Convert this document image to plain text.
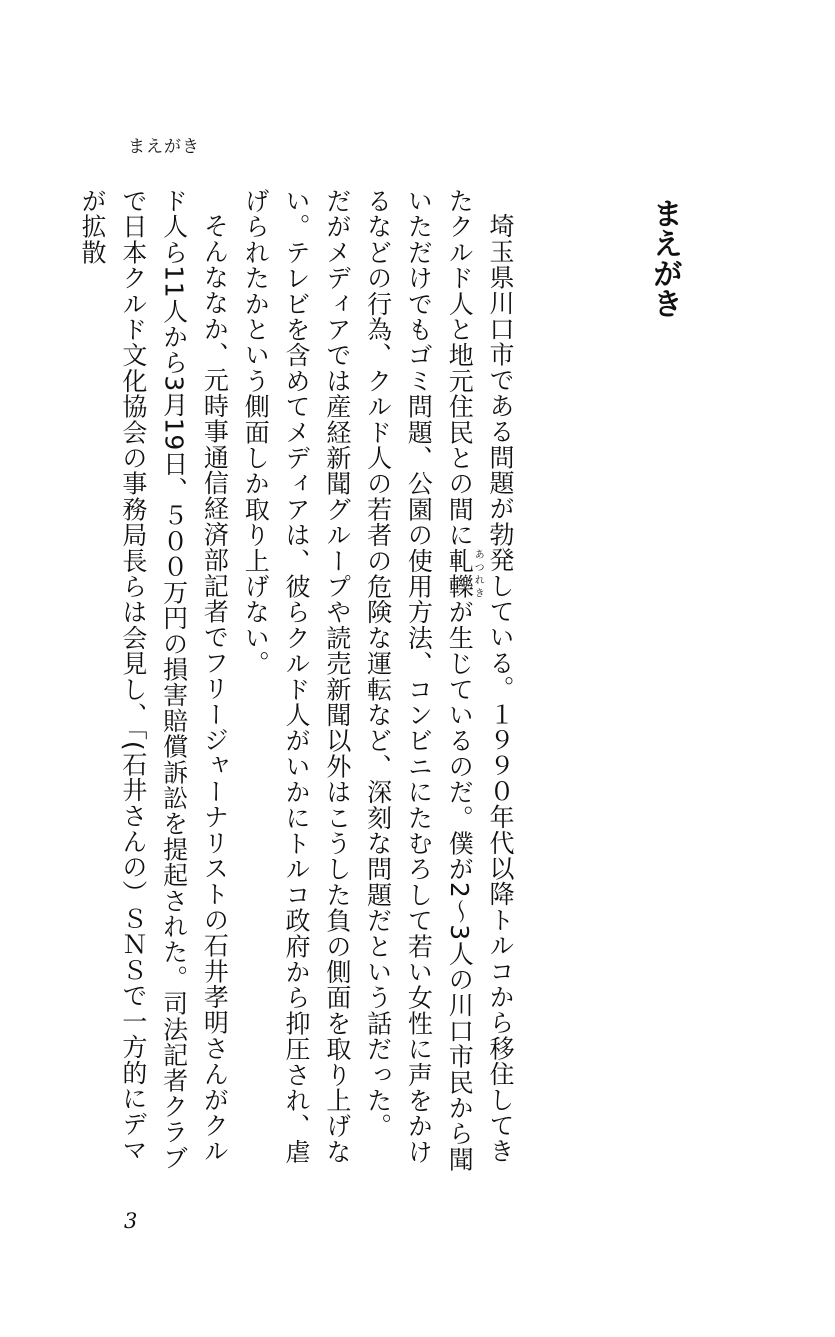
まえがき
まえがき

埼玉県川口市である問題が勃発している。１９９０年代以降トルコから移住してきたクルド人と地元住民との間に軋轢あつれきが生じているのだ。僕が2〜3人の川口市民から聞いただけでもゴミ問題、公園の使用方法、コンビニにたむろして若い女性に声をかけるなどの行為、クルド人の若者の危険な運転など、深刻な問題だという話だった。

だがメディアでは産経新聞グループや読売新聞以外はこうした負の側面を取り上げない。テレビを含めてメディアは、彼らクルド人がいかにトルコ政府から抑圧され、虐げられたかという側面しか取り上げない。

そんななか、元時事通信経済部記者でフリージャーナリストの石井孝明さんがクルド人ら11人から3月19日、５００万円の損害賠償訴訟を提起された。司法記者クラブで日本クルド文化協会の事務局長らは会見し、「(石井さんの）ＳＮＳで一方的にデマが拡散

3
